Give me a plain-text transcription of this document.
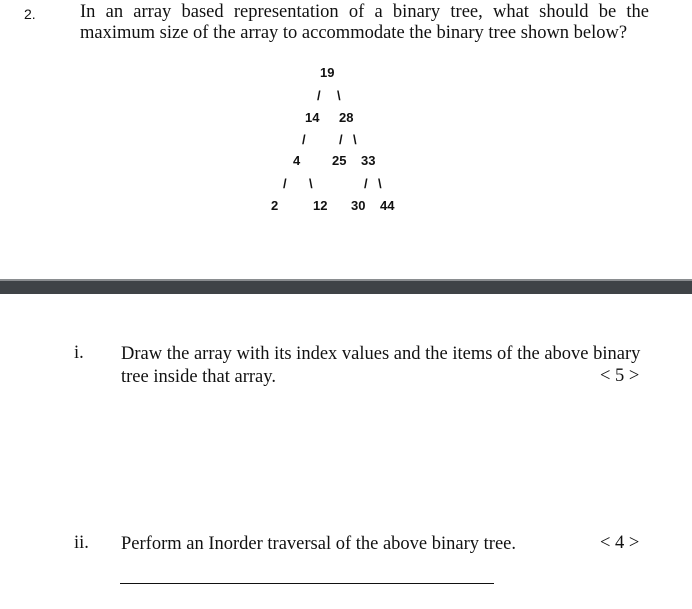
2. In an array based representation of a binary tree, what should be the maximum size of the array to accommodate the binary tree shown below?
19
/ \
14 28
/	/ \
4 25 33
/ \	/ \
2	12 30 44
i. Draw the array with its index values and the items of the above binary
tree inside that array.	< 5 >
ii. Perform an Inorder traversal of the above binary tree.	< 4 >
